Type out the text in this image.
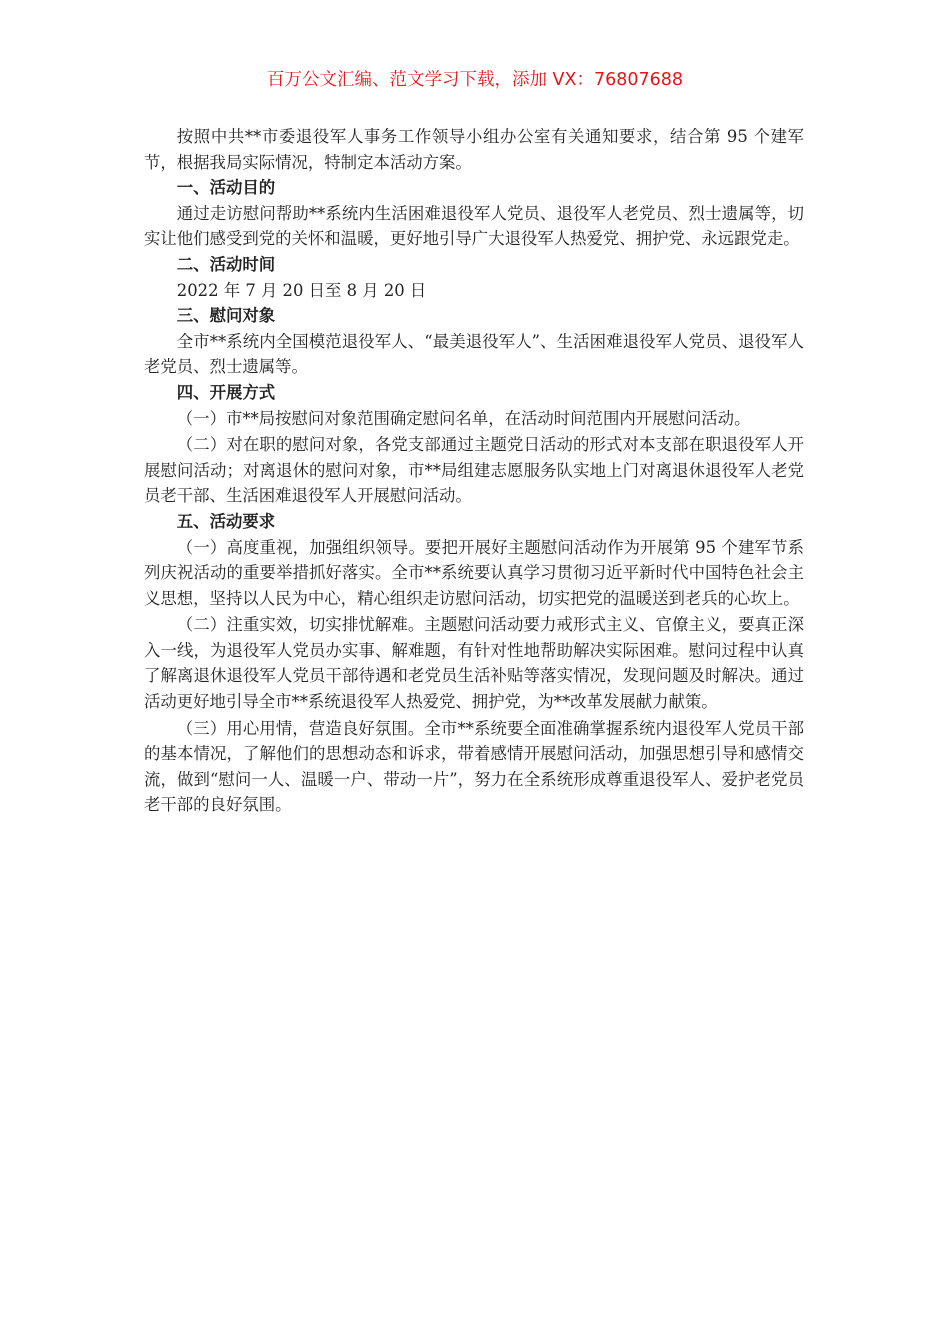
百万公文汇编、范文学习下载，添加 VX：76807688

按照中共**市委退役军人事务工作领导小组办公室有关通知要求，结合第 95 个建军节，根据我局实际情况，特制定本活动方案。

一、活动目的

通过走访慰问帮助**系统内生活困难退役军人党员、退役军人老党员、烈士遗属等，切实让他们感受到党的关怀和温暖，更好地引导广大退役军人热爱党、拥护党、永远跟党走。

二、活动时间

2022 年 7 月 20 日至 8 月 20 日

三、慰问对象

全市**系统内全国模范退役军人、“最美退役军人”、生活困难退役军人党员、退役军人老党员、烈士遗属等。

四、开展方式

（一）市**局按慰问对象范围确定慰问名单，在活动时间范围内开展慰问活动。

（二）对在职的慰问对象，各党支部通过主题党日活动的形式对本支部在职退役军人开展慰问活动；对离退休的慰问对象，市**局组建志愿服务队实地上门对离退休退役军人老党员老干部、生活困难退役军人开展慰问活动。

五、活动要求

（一）高度重视，加强组织领导。要把开展好主题慰问活动作为开展第 95 个建军节系列庆祝活动的重要举措抓好落实。全市**系统要认真学习贯彻习近平新时代中国特色社会主义思想，坚持以人民为中心，精心组织走访慰问活动，切实把党的温暖送到老兵的心坎上。

（二）注重实效，切实排忧解难。主题慰问活动要力戒形式主义、官僚主义，要真正深入一线，为退役军人党员办实事、解难题，有针对性地帮助解决实际困难。慰问过程中认真了解离退休退役军人党员干部待遇和老党员生活补贴等落实情况，发现问题及时解决。通过活动更好地引导全市**系统退役军人热爱党、拥护党，为**改革发展献力献策。

（三）用心用情，营造良好氛围。全市**系统要全面准确掌握系统内退役军人党员干部的基本情况，了解他们的思想动态和诉求，带着感情开展慰问活动，加强思想引导和感情交流，做到“慰问一人、温暖一户、带动一片”，努力在全系统形成尊重退役军人、爱护老党员老干部的良好氛围。
